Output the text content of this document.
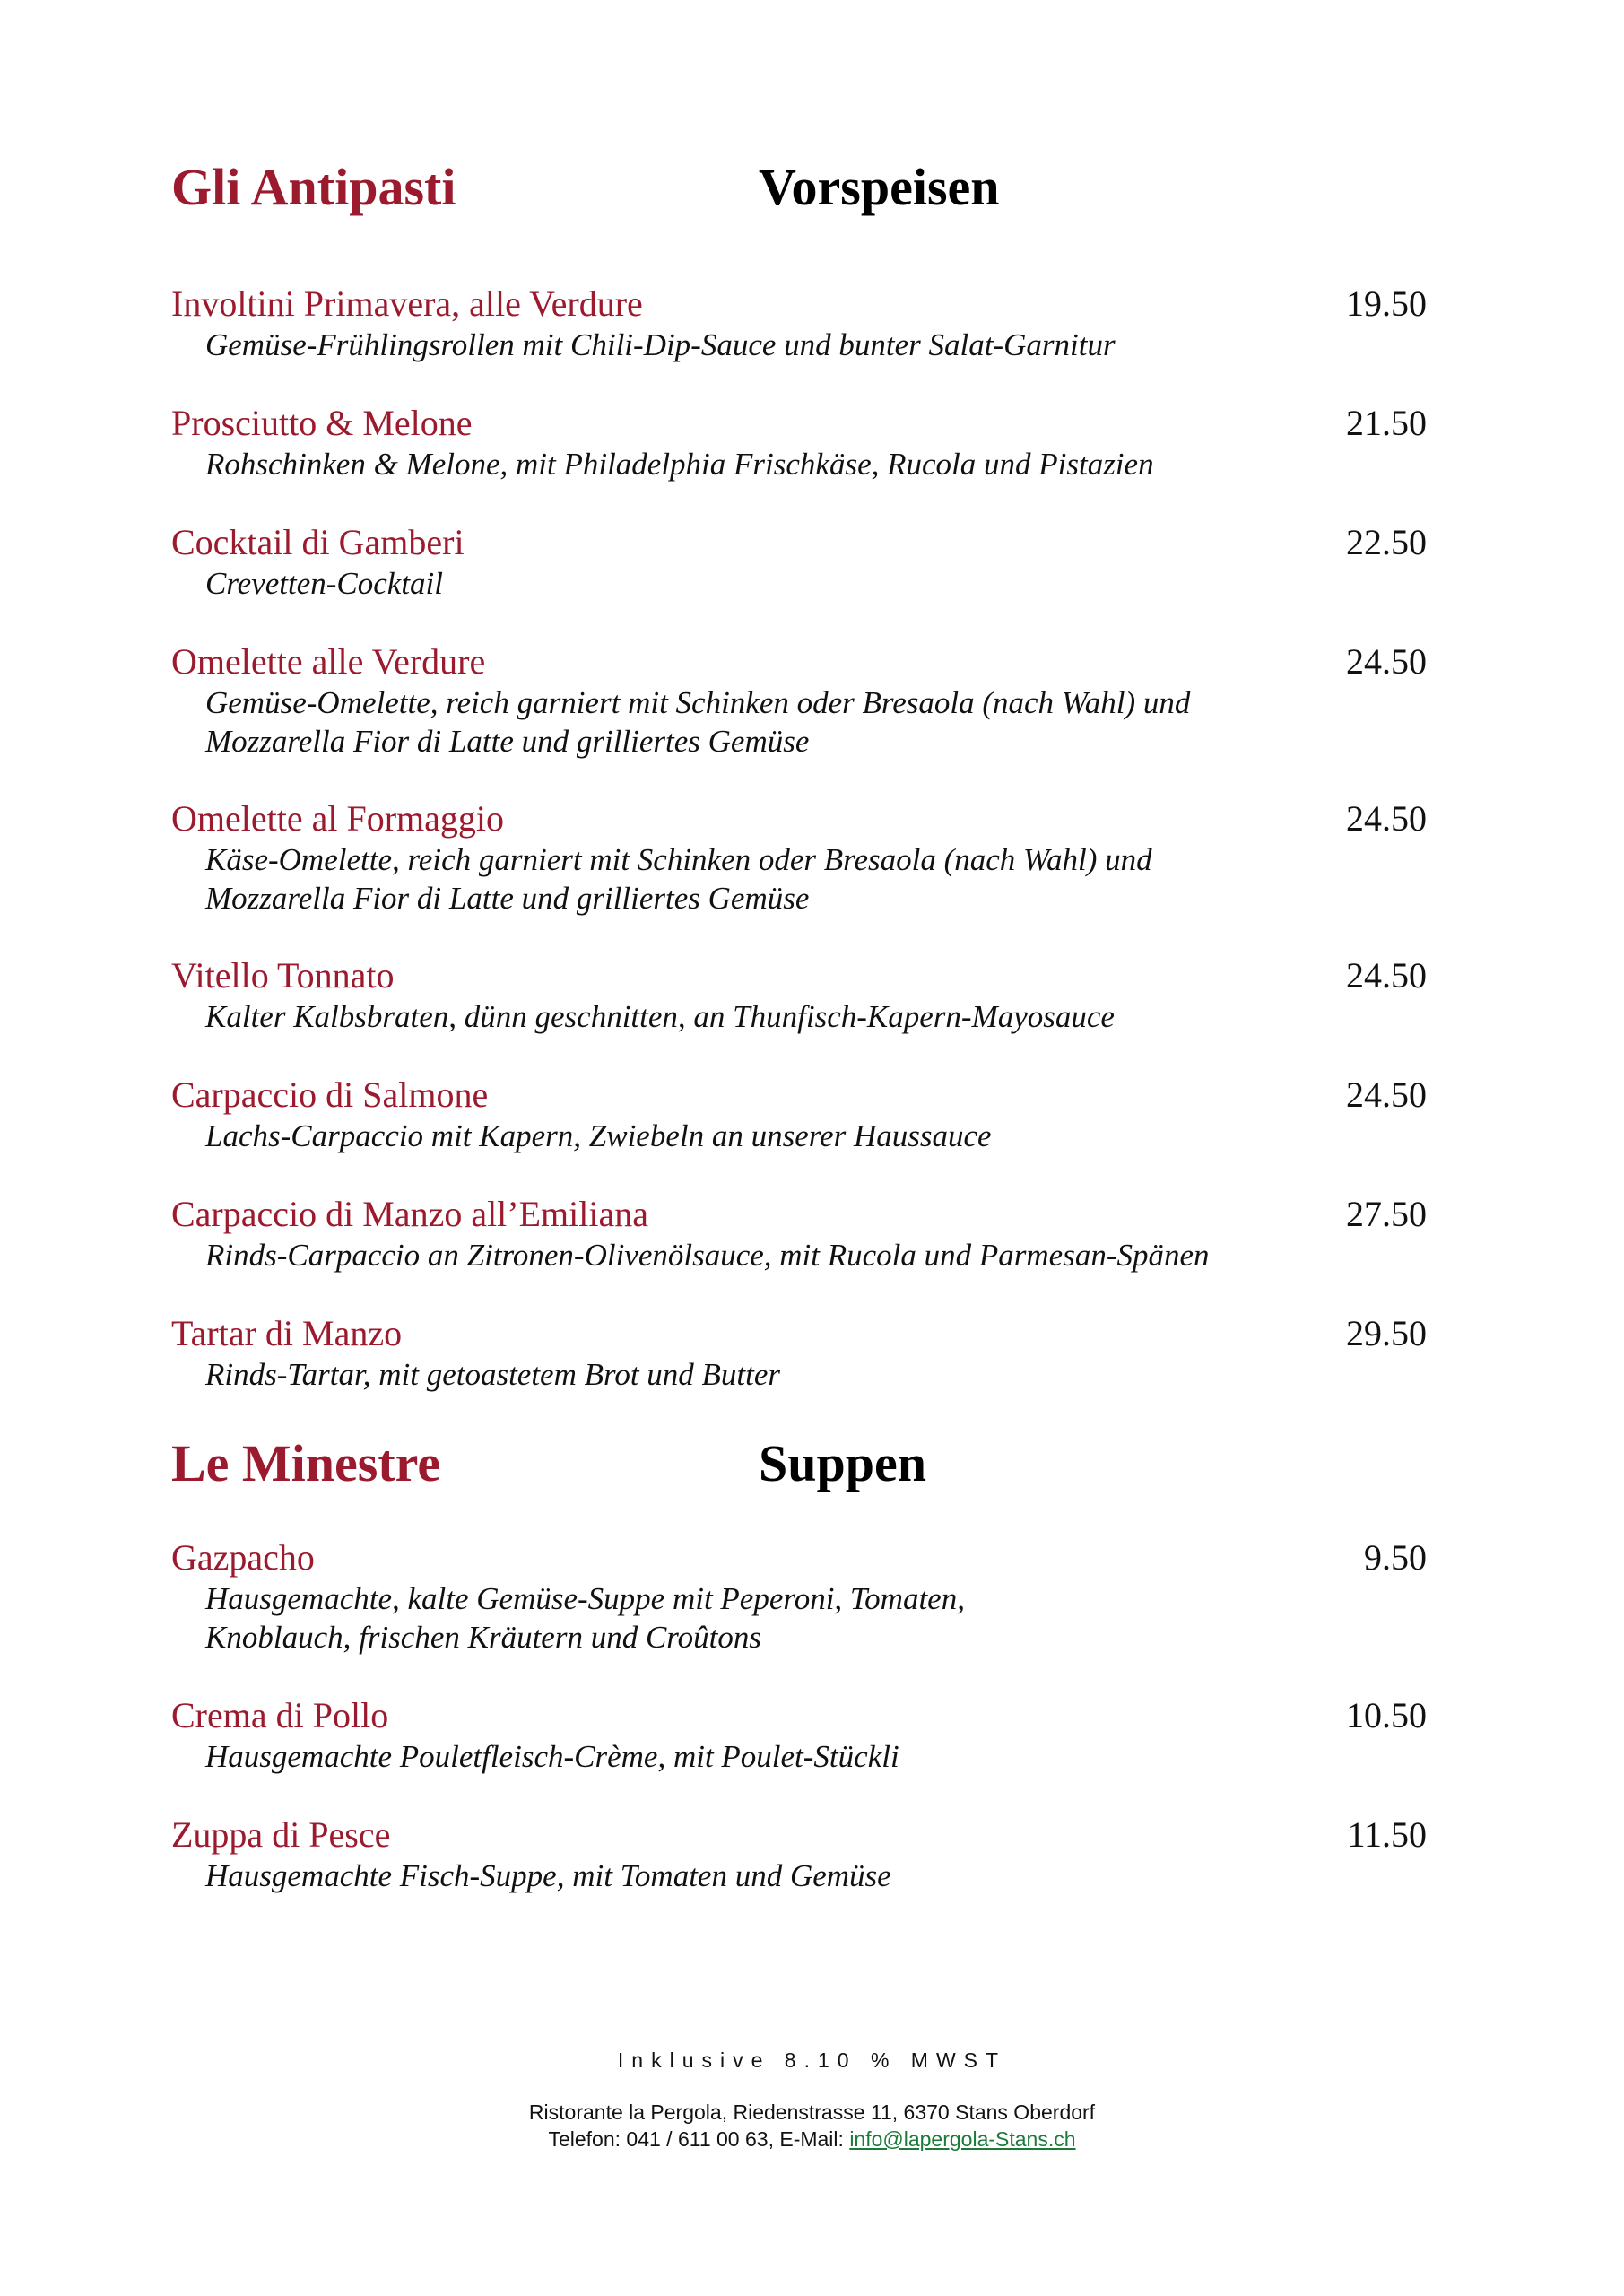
Gli Antipasti	Vorspeisen
Involtini Primavera, alle Verdure	19.50
Gemüse-Frühlingsrollen mit Chili-Dip-Sauce und bunter Salat-Garnitur
Prosciutto & Melone	21.50
Rohschinken & Melone, mit Philadelphia Frischkäse, Rucola und Pistazien
Cocktail di Gamberi	22.50
Crevetten-Cocktail
Omelette alle Verdure	24.50
Gemüse-Omelette, reich garniert mit Schinken oder Bresaola (nach Wahl) und
Mozzarella Fior di Latte und grilliertes Gemüse
Omelette al Formaggio	24.50
Käse-Omelette, reich garniert mit Schinken oder Bresaola (nach Wahl) und
Mozzarella Fior di Latte und grilliertes Gemüse
Vitello Tonnato	24.50
Kalter Kalbsbraten, dünn geschnitten, an Thunfisch-Kapern-Mayosauce
Carpaccio di Salmone	24.50
Lachs-Carpaccio mit Kapern, Zwiebeln an unserer Haussauce
Carpaccio di Manzo all’Emiliana	27.50
Rinds-Carpaccio an Zitronen-Olivenölsauce, mit Rucola und Parmesan-Spänen
Tartar di Manzo	29.50
Rinds-Tartar, mit getoastetem Brot und Butter
Le Minestre	Suppen
Gazpacho	9.50
Hausgemachte, kalte Gemüse-Suppe mit Peperoni, Tomaten,
Knoblauch, frischen Kräutern und Croûtons
Crema di Pollo	10.50
Hausgemachte Pouletfleisch-Crème, mit Poulet-Stückli
Zuppa di Pesce	11.50
Hausgemachte Fisch-Suppe, mit Tomaten und Gemüse
Inklusive 8.10 % MWST
Ristorante la Pergola, Riedenstrasse 11, 6370 Stans Oberdorf
Telefon: 041 / 611 00 63, E-Mail: info@lapergola-Stans.ch
